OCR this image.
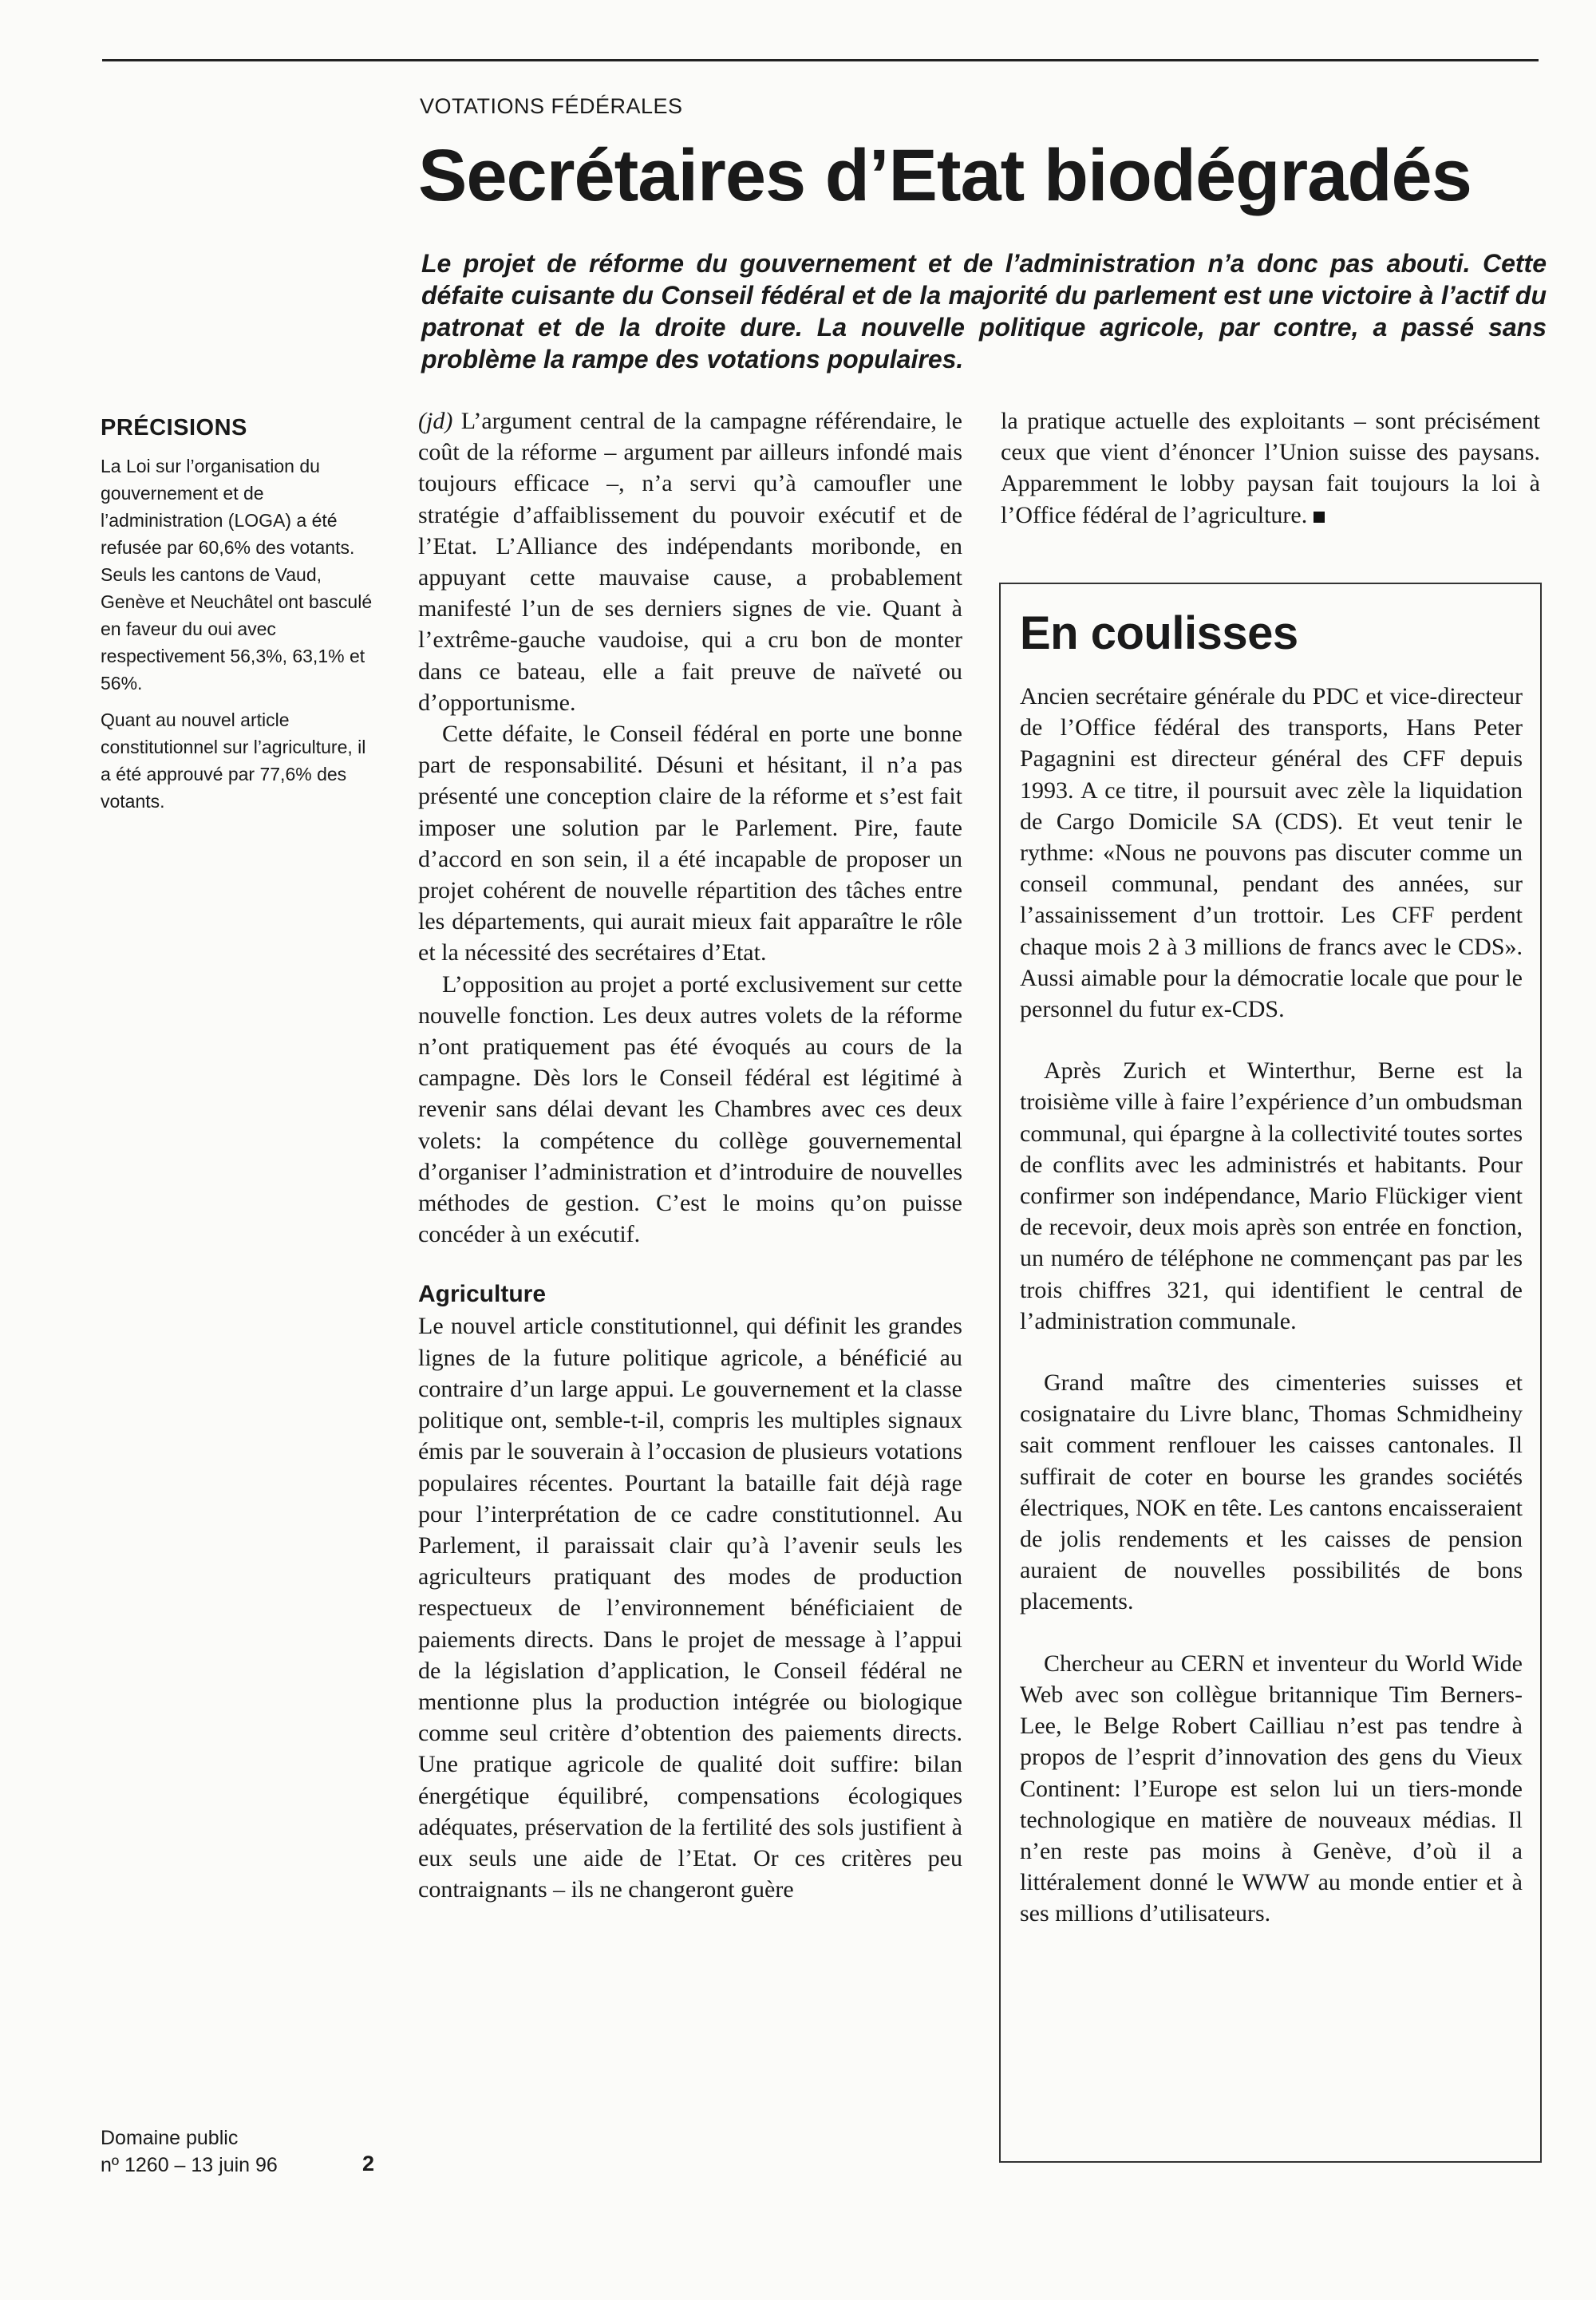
VOTATIONS FÉDÉRALES
Secrétaires d’Etat biodégradés

Le projet de réforme du gouvernement et de l’administration n’a donc pas abouti. Cette défaite cuisante du Conseil fédéral et de la majorité du parlement est une victoire à l’actif du patronat et de la droite dure. La nouvelle politique agricole, par contre, a passé sans problème la rampe des votations populaires.

PRÉCISIONS

La Loi sur l’organisation du gouvernement et de l’administration (LOGA) a été refusée par 60,6% des votants. Seuls les cantons de Vaud, Genève et Neuchâtel ont basculé en faveur du oui avec respectivement 56,3%, 63,1% et 56%.

Quant au nouvel article constitutionnel sur l’agriculture, il a été approuvé par 77,6% des votants.

Domaine public
nº 1260 – 13 juin 96	2

(jd) L’argument central de la campagne référendaire, le coût de la réforme – argument par ailleurs infondé mais toujours efficace –, n’a servi qu’à camoufler une stratégie d’affaiblissement du pouvoir exécutif et de l’Etat. L’Alliance des indépendants moribonde, en appuyant cette mauvaise cause, a probablement manifesté l’un de ses derniers signes de vie. Quant à l’extrême-gauche vaudoise, qui a cru bon de monter dans ce bateau, elle a fait preuve de naïveté ou d’opportunisme.

Cette défaite, le Conseil fédéral en porte une bonne part de responsabilité. Désuni et hésitant, il n’a pas présenté une conception claire de la réforme et s’est fait imposer une solution par le Parlement. Pire, faute d’accord en son sein, il a été incapable de proposer un projet cohérent de nouvelle répartition des tâches entre les départements, qui aurait mieux fait apparaître le rôle et la nécessité des secrétaires d’Etat.

L’opposition au projet a porté exclusivement sur cette nouvelle fonction. Les deux autres volets de la réforme n’ont pratiquement pas été évoqués au cours de la campagne. Dès lors le Conseil fédéral est légitimé à revenir sans délai devant les Chambres avec ces deux volets: la compétence du collège gouvernemental d’organiser l’administration et d’introduire de nouvelles méthodes de gestion. C’est le moins qu’on puisse concéder à un exécutif.

Agriculture

Le nouvel article constitutionnel, qui définit les grandes lignes de la future politique agricole, a bénéficié au contraire d’un large appui. Le gouvernement et la classe politique ont, semble-t-il, compris les multiples signaux émis par le souverain à l’occasion de plusieurs votations populaires récentes. Pourtant la bataille fait déjà rage pour l’interprétation de ce cadre constitutionnel. Au Parlement, il paraissait clair qu’à l’avenir seuls les agriculteurs pratiquant des modes de production respectueux de l’environnement bénéficiaient de paiements directs. Dans le projet de message à l’appui de la législation d’application, le Conseil fédéral ne mentionne plus la production intégrée ou biologique comme seul critère d’obtention des paiements directs. Une pratique agricole de qualité doit suffire: bilan énergétique équilibré, compensations écologiques adéquates, préservation de la fertilité des sols justifient à eux seuls une aide de l’Etat. Or ces critères peu contraignants – ils ne changeront guère

la pratique actuelle des exploitants – sont précisément ceux que vient d’énoncer l’Union suisse des paysans. Apparemment le lobby paysan fait toujours la loi à l’Office fédéral de l’agriculture.

En coulisses

Ancien secrétaire générale du PDC et vice-directeur de l’Office fédéral des transports, Hans Peter Pagagnini est directeur général des CFF depuis 1993. A ce titre, il poursuit avec zèle la liquidation de Cargo Domicile SA (CDS). Et veut tenir le rythme: «Nous ne pouvons pas discuter comme un conseil communal, pendant des années, sur l’assainissement d’un trottoir. Les CFF perdent chaque mois 2 à 3 millions de francs avec le CDS». Aussi aimable pour la démocratie locale que pour le personnel du futur ex-CDS.

Après Zurich et Winterthur, Berne est la troisième ville à faire l’expérience d’un ombudsman communal, qui épargne à la collectivité toutes sortes de conflits avec les administrés et habitants. Pour confirmer son indépendance, Mario Flückiger vient de recevoir, deux mois après son entrée en fonction, un numéro de téléphone ne commençant pas par les trois chiffres 321, qui identifient le central de l’administration communale.

Grand maître des cimenteries suisses et cosignataire du Livre blanc, Thomas Schmidheiny sait comment renflouer les caisses cantonales. Il suffirait de coter en bourse les grandes sociétés électriques, NOK en tête. Les cantons encaisseraient de jolis rendements et les caisses de pension auraient de nouvelles possibilités de bons placements.

Chercheur au CERN et inventeur du World Wide Web avec son collègue britannique Tim Berners-Lee, le Belge Robert Cailliau n’est pas tendre à propos de l’esprit d’innovation des gens du Vieux Continent: l’Europe est selon lui un tiers-monde technologique en matière de nouveaux médias. Il n’en reste pas moins à Genève, d’où il a littéralement donné le WWW au monde entier et à ses millions d’utilisateurs.
